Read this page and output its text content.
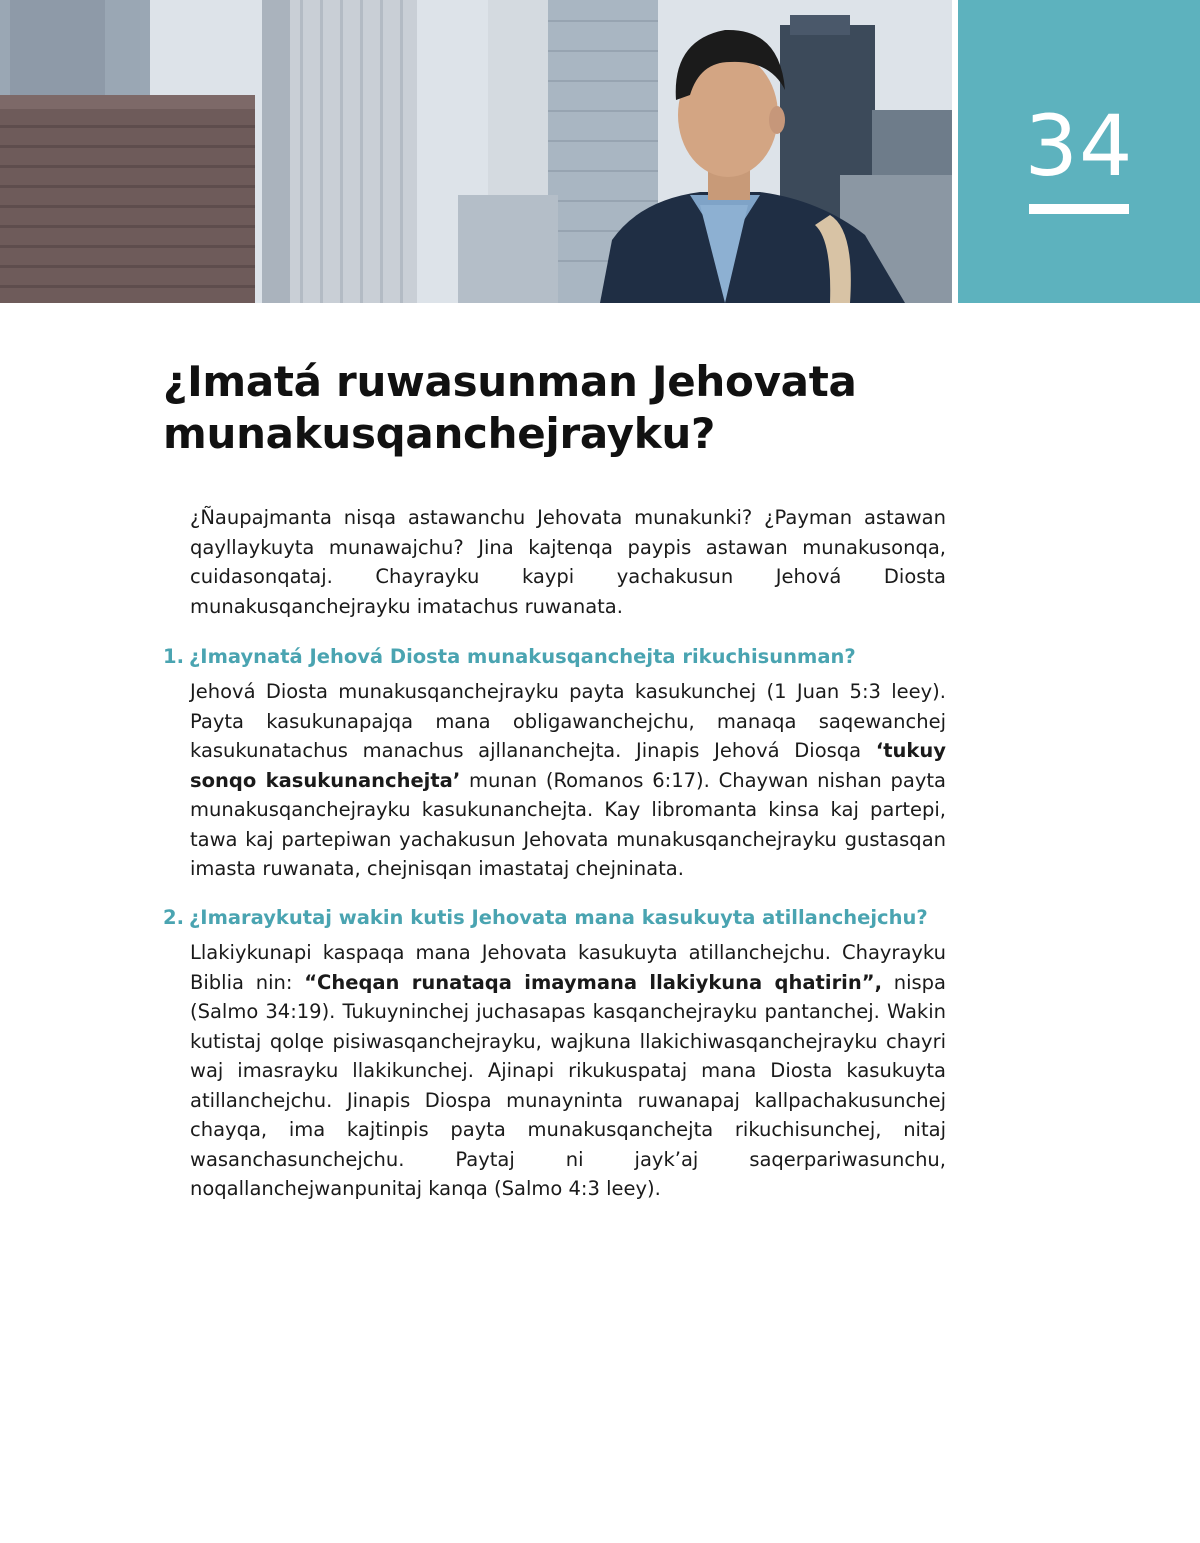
34
¿Imatá ruwasunman Jehovata munakusqanchejrayku?

¿Ñaupajmanta nisqa astawanchu Jehovata munakunki? ¿Payman astawan qayllaykuyta munawajchu? Jina kajtenqa paypis astawan munakusonqa, cuidasonqataj. Chayrayku kaypi yachakusun Jehová Diosta munakusqanchejrayku imatachus ruwanata.

1. ¿Imaynatá Jehová Diosta munakusqanchejta rikuchisunman?

Jehová Diosta munakusqanchejrayku payta kasukunchej (1 Juan 5:3 leey). Payta kasukunapajqa mana obligawanchejchu, manaqa saqewanchej kasukunatachus manachus ajllananchejta. Jinapis Jehová Diosqa ‘tukuy sonqo kasukunanchejta’ munan (Romanos 6:17). Chaywan nishan payta munakusqanchejrayku kasukunanchejta. Kay libromanta kinsa kaj partepi, tawa kaj partepiwan yachakusun Jehovata munakusqanchejrayku gustasqan imasta ruwanata, chejnisqan imastataj chejninata.

2. ¿Imaraykutaj wakin kutis Jehovata mana kasukuyta atillanchejchu?

Llakiykunapi kaspaqa mana Jehovata kasukuyta atillanchejchu. Chayrayku Biblia nin: “Cheqan runataqa imaymana llakiykuna qhatirin”, nispa (Salmo 34:19). Tukuyninchej juchasapas kasqanchejrayku pantanchej. Wakin kutistaj qolqe pisiwasqanchejrayku, wajkuna llakichiwasqanchejrayku chayri waj imasrayku llakikunchej. Ajinapi rikukuspataj mana Diosta kasukuyta atillanchejchu. Jinapis Diospa munayninta ruwanapaj kallpachakusunchej chayqa, ima kajtinpis payta munakusqanchejta rikuchisunchej, nitaj wasanchasunchejchu. Paytaj ni jayk’aj saqerpariwasunchu, noqallanchejwanpunitaj kanqa (Salmo 4:3 leey).
